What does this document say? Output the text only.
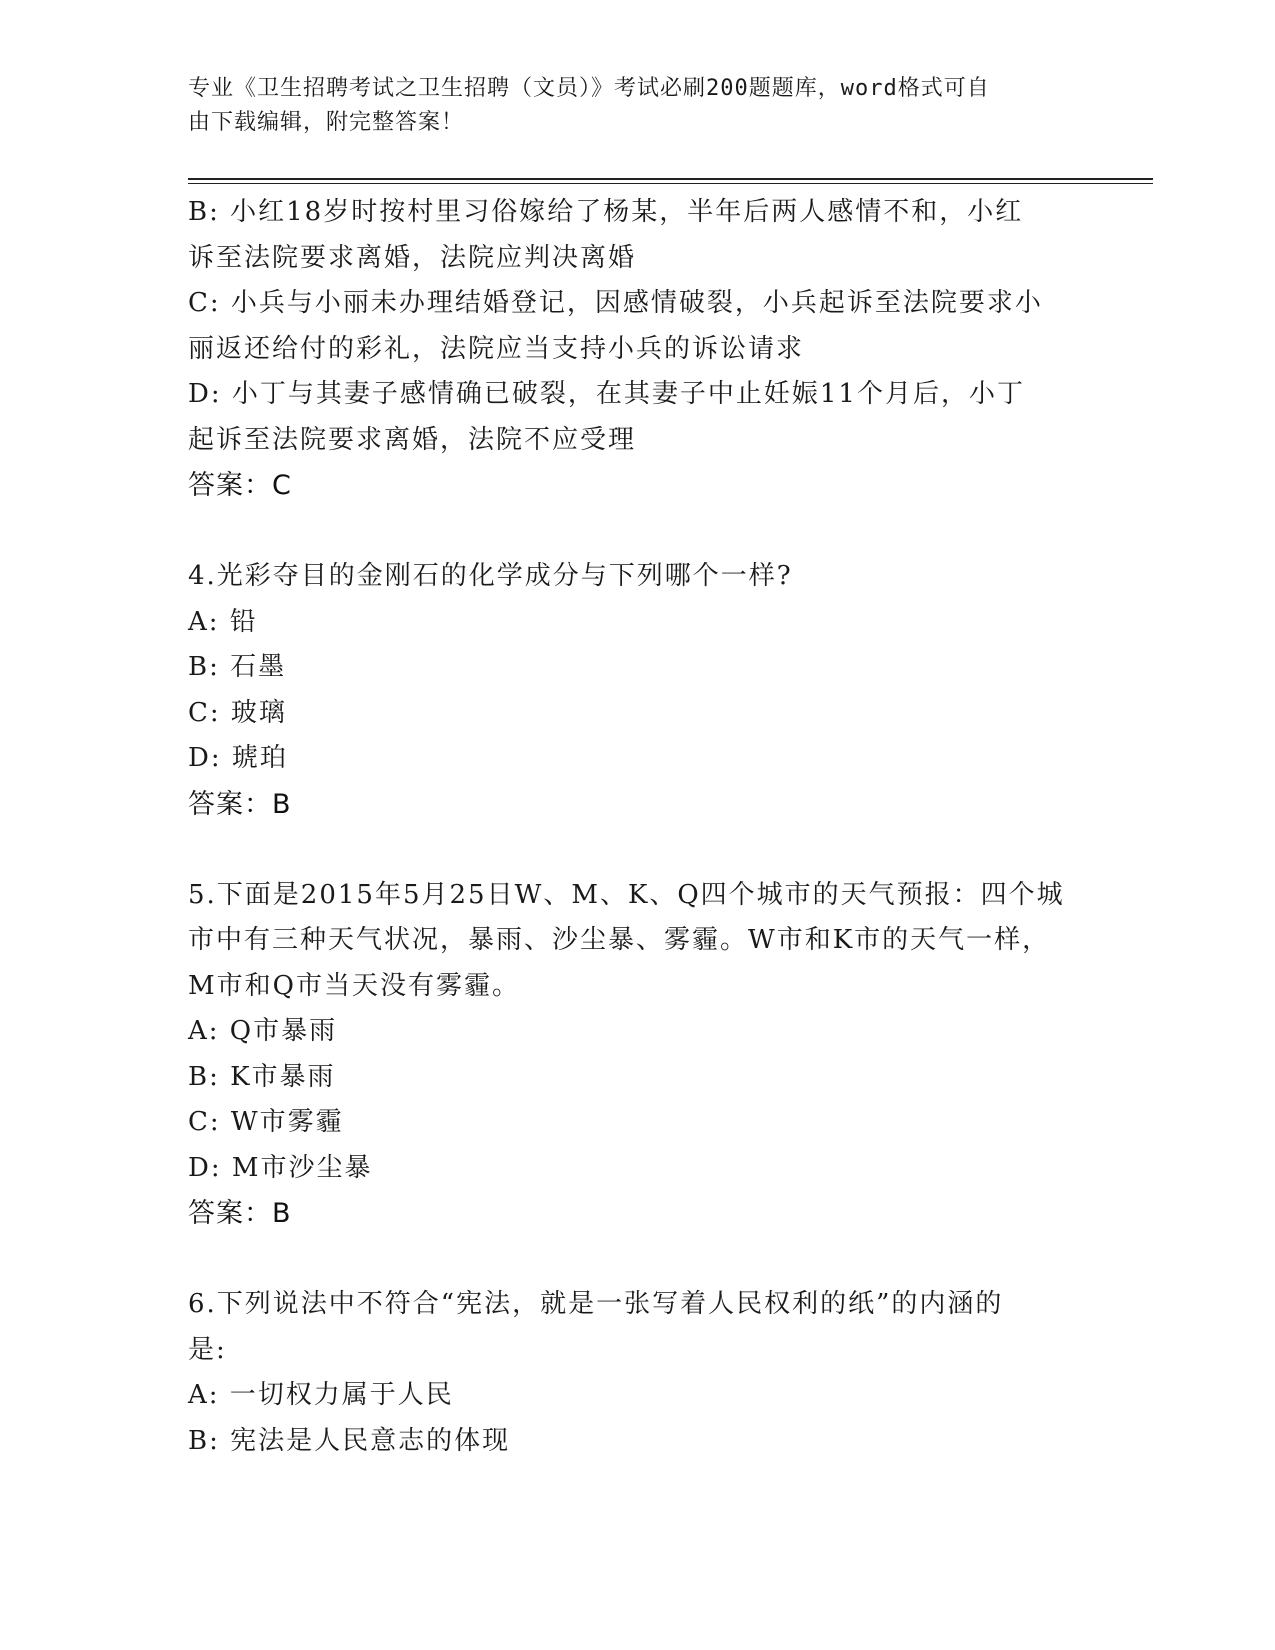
专业《卫生招聘考试之卫生招聘（文员）》考试必刷200题题库，word格式可自
由下载编辑，附完整答案！
B: 小红18岁时按村里习俗嫁给了杨某，半年后两人感情不和，小红
诉至法院要求离婚，法院应判决离婚
C: 小兵与小丽未办理结婚登记，因感情破裂，小兵起诉至法院要求小
丽返还给付的彩礼，法院应当支持小兵的诉讼请求
D: 小丁与其妻子感情确已破裂，在其妻子中止妊娠11个月后，小丁
起诉至法院要求离婚，法院不应受理
答案：C
4.光彩夺目的金刚石的化学成分与下列哪个一样?
A: 铅
B: 石墨
C: 玻璃
D: 琥珀
答案：B
5.下面是2015年5月25日W、M、K、Q四个城市的天气预报：四个城
市中有三种天气状况，暴雨、沙尘暴、雾霾。W市和K市的天气一样，
M市和Q市当天没有雾霾。
A: Q市暴雨
B: K市暴雨
C: W市雾霾
D: M市沙尘暴
答案：B
6.下列说法中不符合“宪法，就是一张写着人民权利的纸”的内涵的
是:
A: 一切权力属于人民
B: 宪法是人民意志的体现
